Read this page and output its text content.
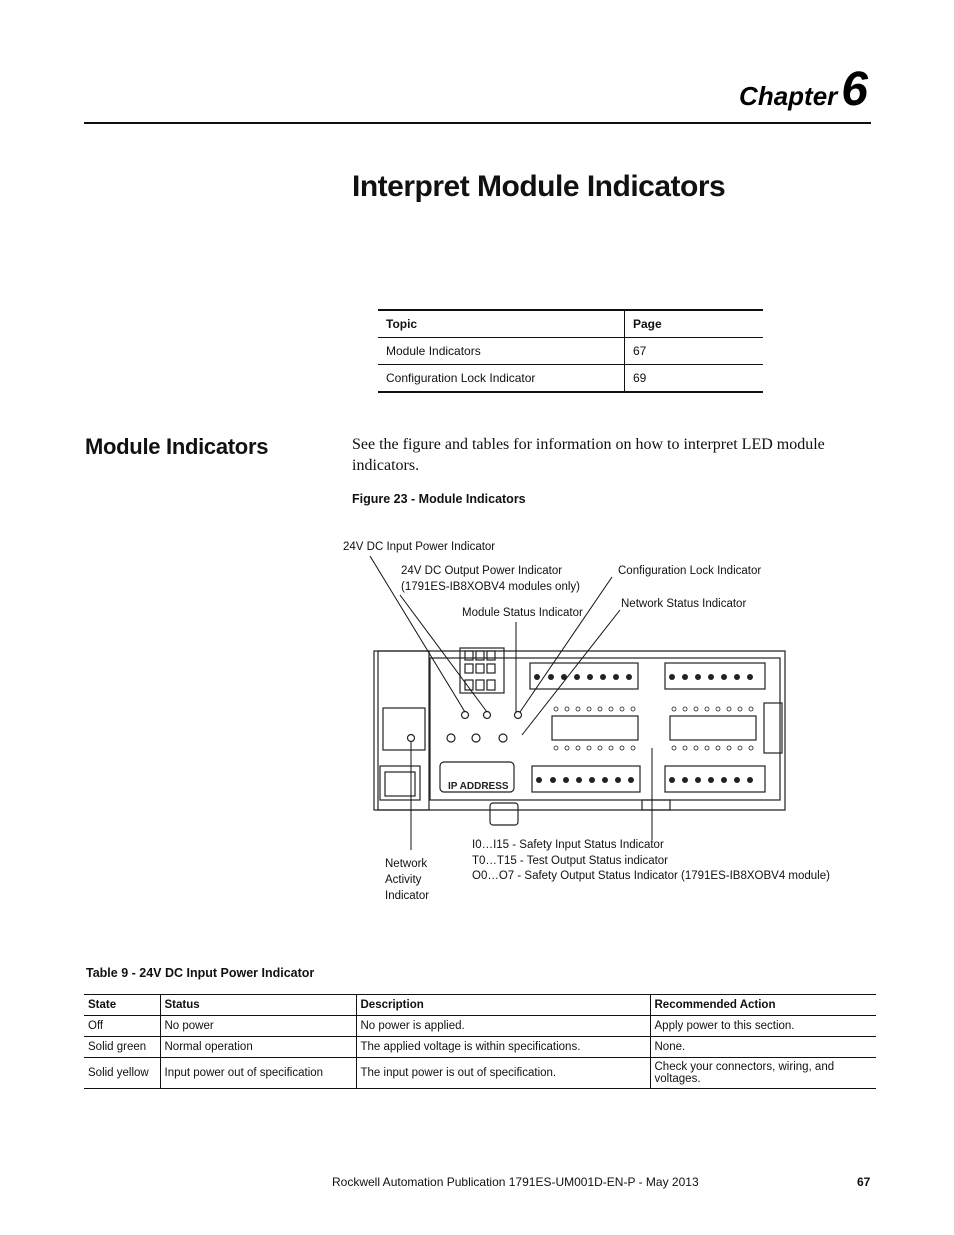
Chapter6
Interpret Module Indicators
Topic	Page
Module Indicators	67
Configuration Lock Indicator	69
Module Indicators	See the figure and tables for information on how to interpret LED module indicators.
Figure 23 - Module Indicators
IP ADDRESS
24V DC Input Power Indicator
24V DC Output Power Indicator
(1791ES-IB8XOBV4 modules only)
Module Status Indicator
Configuration Lock Indicator
Network Status Indicator
I0…I15 - Safety Input Status Indicator
T0…T15 - Test Output Status indicator
O0…O7 - Safety Output Status Indicator (1791ES-IB8XOBV4 module)
Network
Activity
Indicator
Table 9 - 24V DC Input Power Indicator
State	Status	Description	Recommended Action
Off	No power	No power is applied.	Apply power to this section.
Solid green	Normal operation	The applied voltage is within specifications.	None.
Solid yellow	Input power out of specification	The input power is out of specification.	Check your connectors, wiring, and voltages.
Rockwell Automation Publication 1791ES-UM001D-EN-P - May 2013	67
